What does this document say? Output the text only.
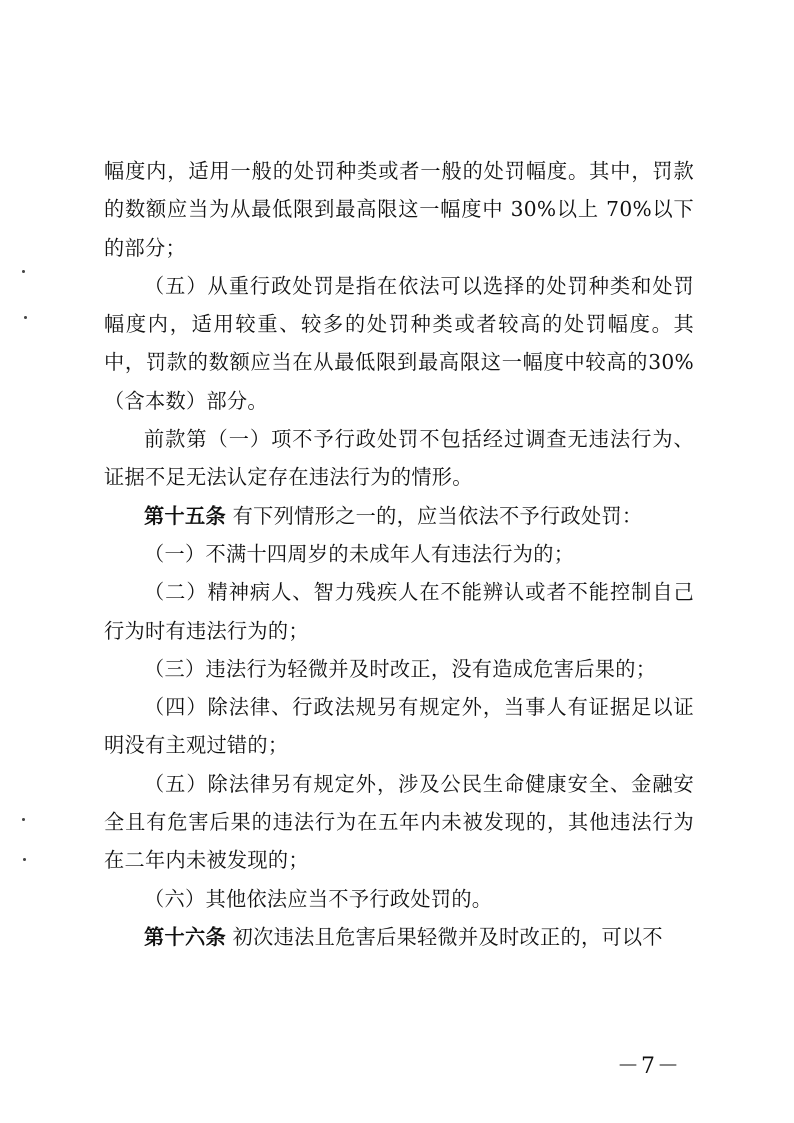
幅度内，适用一般的处罚种类或者一般的处罚幅度。其中，罚款的数额应当为从最低限到最高限这一幅度中 30%以上 70%以下的部分；

（五）从重行政处罚是指在依法可以选择的处罚种类和处罚幅度内，适用较重、较多的处罚种类或者较高的处罚幅度。其中，罚款的数额应当在从最低限到最高限这一幅度中较高的30%（含本数）部分。

前款第（一）项不予行政处罚不包括经过调查无违法行为、证据不足无法认定存在违法行为的情形。

第十五条 有下列情形之一的，应当依法不予行政处罚：

（一）不满十四周岁的未成年人有违法行为的；

（二）精神病人、智力残疾人在不能辨认或者不能控制自己行为时有违法行为的；

（三）违法行为轻微并及时改正，没有造成危害后果的；

（四）除法律、行政法规另有规定外，当事人有证据足以证明没有主观过错的；

（五）除法律另有规定外，涉及公民生命健康安全、金融安全且有危害后果的违法行为在五年内未被发现的，其他违法行为在二年内未被发现的；

（六）其他依法应当不予行政处罚的。

第十六条 初次违法且危害后果轻微并及时改正的，可以不

－7－
